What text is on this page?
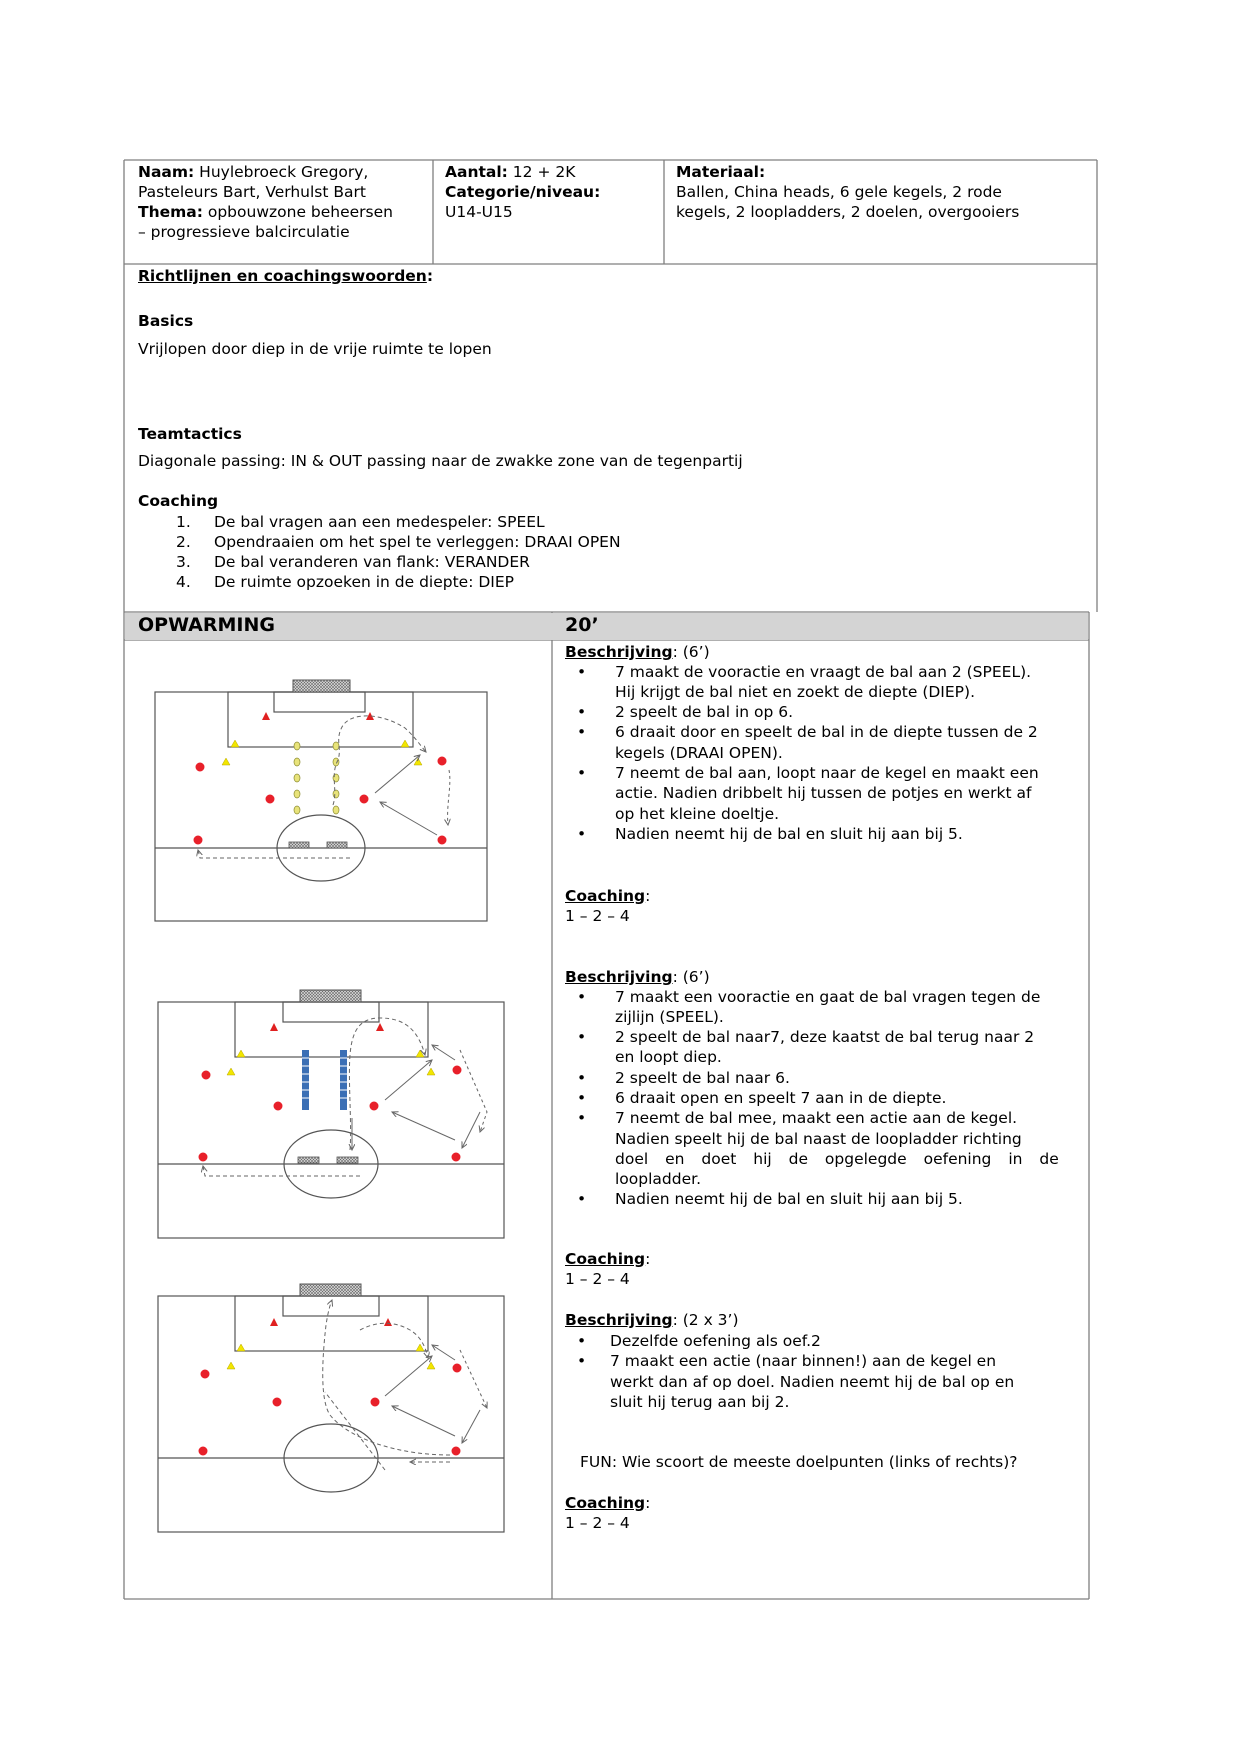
Naam: Huylebroeck Gregory,
Pasteleurs Bart, Verhulst Bart
Thema: opbouwzone beheersen
– progressieve balcirculatie
Aantal: 12 + 2K
Categorie/niveau:
U14-U15
Materiaal:
Ballen, China heads, 6 gele kegels, 2 rode
kegels, 2 loopladders, 2 doelen, overgooiers
Richtlijnen en coachingswoorden:
Basics
Vrijlopen door diep in de vrije ruimte te lopen
Teamtactics
Diagonale passing: IN & OUT passing naar de zwakke zone van de tegenpartij
Coaching
1. De bal vragen aan een medespeler: SPEEL
2. Opendraaien om het spel te verleggen: DRAAI OPEN
3. De bal veranderen van flank: VERANDER
4. De ruimte opzoeken in de diepte: DIEP
OPWARMING	20’
Beschrijving: (6’)
• 7 maakt de vooractie en vraagt de bal aan 2 (SPEEL).
Hij krijgt de bal niet en zoekt de diepte (DIEP).
• 2 speelt de bal in op 6.
• 6 draait door en speelt de bal in de diepte tussen de 2
kegels (DRAAI OPEN).
• 7 neemt de bal aan, loopt naar de kegel en maakt een
actie. Nadien dribbelt hij tussen de potjes en werkt af
op het kleine doeltje.
• Nadien neemt hij de bal en sluit hij aan bij 5.
Coaching:
1 – 2 – 4
Beschrijving: (6’)
• 7 maakt een vooractie en gaat de bal vragen tegen de
zijlijn (SPEEL).
• 2 speelt de bal naar7, deze kaatst de bal terug naar 2
en loopt diep.
• 2 speelt de bal naar 6.
• 6 draait open en speelt 7 aan in de diepte.
• 7 neemt de bal mee, maakt een actie aan de kegel.
Nadien speelt hij de bal naast de loopladder richting
doel en doet hij de opgelegde oefening in de
loopladder.
• Nadien neemt hij de bal en sluit hij aan bij 5.
Coaching:
1 – 2 – 4
Beschrijving: (2 x 3’)
• Dezelfde oefening als oef.2
• 7 maakt een actie (naar binnen!) aan de kegel en
werkt dan af op doel. Nadien neemt hij de bal op en
sluit hij terug aan bij 2.
FUN: Wie scoort de meeste doelpunten (links of rechts)?
Coaching:
1 – 2 – 4
